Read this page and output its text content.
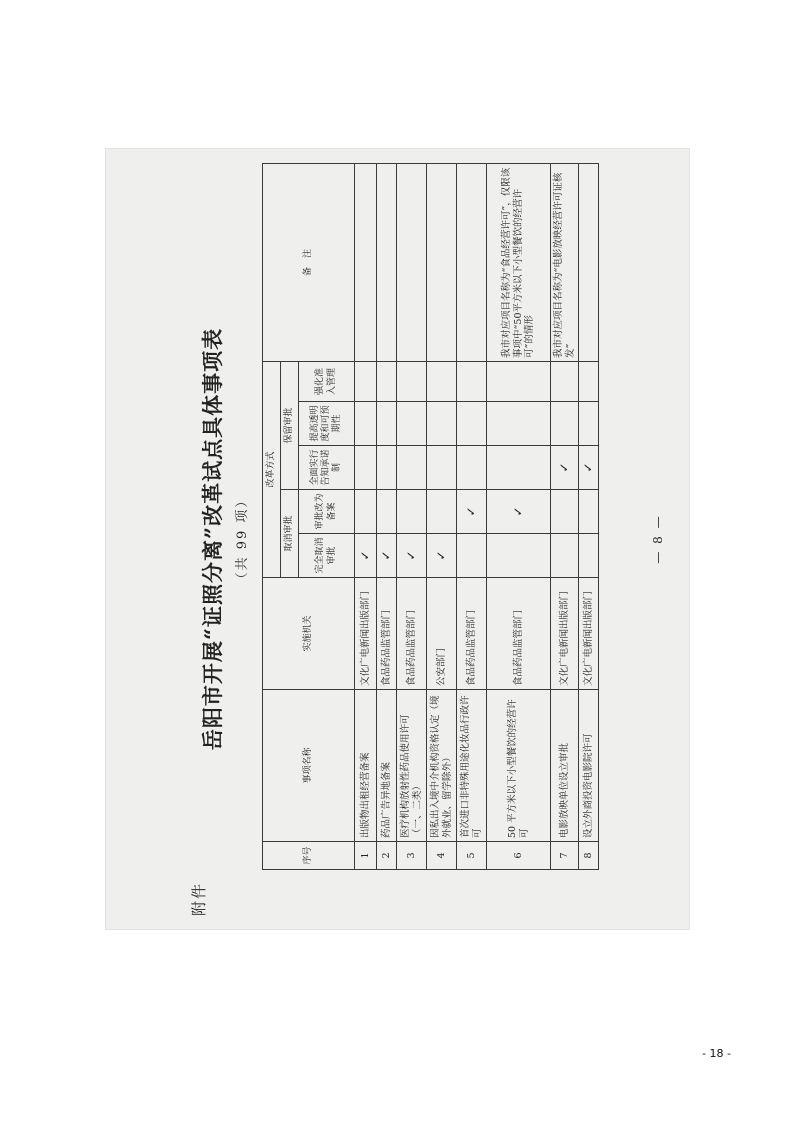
附件
岳阳市开展“证照分离”改革试点具体事项表 （共 99 项）
序号	事项名称	实施机关	改革方式					备　注
			取消审批		保留审批			
			完全取消审批	审批改为备案	全面实行告知承诺制	提高透明度和可预期性	强化准入管理	
1	出版物出租经营备案	文化广电新闻出版部门	✓					
2	药品广告异地备案	食品药品监管部门	✓					
3	医疗机构放射性药品使用许可（一、二类）	食品药品监管部门	✓					
4	因私出入境中介机构资格认定（境外就业、留学除外）	公安部门	✓					
5	首次进口非特殊用途化妆品行政许可	食品药品监管部门		✓				
6	50 平方米以下小型餐饮的经营许可	食品药品监管部门		✓				我市对应项目名称为“食品经营许可”，仅限该事项中“50平方米以下小型餐饮的经营许可”的情形
7	电影放映单位设立审批	文化广电新闻出版部门			✓			我市对应项目名称为“电影放映经营许可证核发”
8	设立外商投资电影院许可	文化广电新闻出版部门			✓			
— 8 —
- 18 -
